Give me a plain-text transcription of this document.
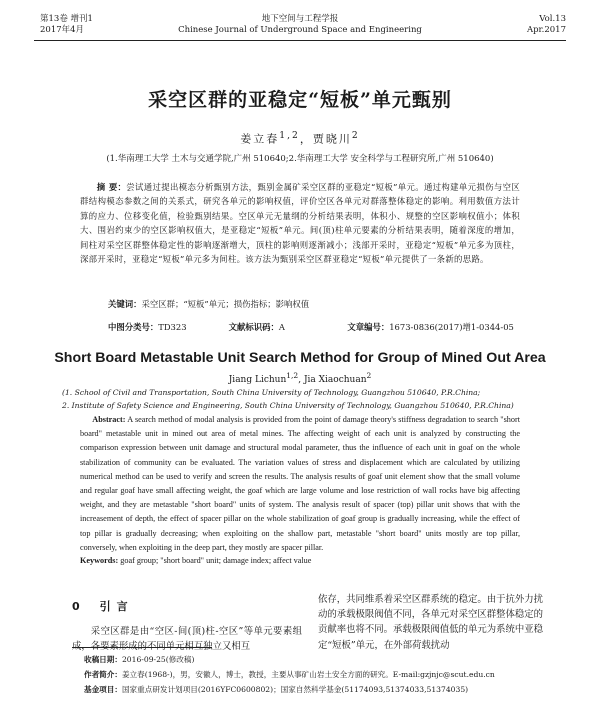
第13卷 增刊1
2017年4月
地下空间与工程学报
Chinese Journal of Underground Space and Engineering
Vol.13
Apr.2017
采空区群的亚稳定“短板”单元甄别
姜立春$^{1,2}$，贾晓川$^2$
(1.华南理工大学 土木与交通学院,广州 510640;2.华南理工大学 安全科学与工程研究所,广州 510640)
摘 要：尝试通过提出模态分析甄别方法，甄别金属矿采空区群的亚稳定“短板”单元。通过构建单元损伤与空区群结构模态参数之间的关系式，研究各单元的影响权值，评价空区各单元对群落整体稳定的影响。利用数值方法计算的应力、位移变化值，检验甄别结果。空区单元无量纲的分析结果表明，体积小、规整的空区影响权值小；体积大、围岩约束少的空区影响权值大，是亚稳定“短板”单元。间(顶)柱单元要素的分析结果表明，随着深度的增加，间柱对采空区群整体稳定性的影响逐渐增大，顶柱的影响则逐渐减小；浅部开采时，亚稳定“短板”单元多为顶柱，深部开采时，亚稳定“短板”单元多为间柱。该方法为甄别采空区群亚稳定“短板”单元提供了一条新的思路。
关键词：采空区群；“短板”单元；损伤指标；影响权值
中图分类号：TD323	文献标识码：A	文章编号：1673-0836(2017)增1-0344-05
Short Board Metastable Unit Search Method for Group of Mined Out Area
Jiang Lichun$^{1,2}$, Jia Xiaochuan$^2$
(1. School of Civil and Transportation, South China University of Technology, Guangzhou 510640, P.R.China;
2. Institute of Safety Science and Engineering, South China University of Technology, Guangzhou 510640, P.R.China)
Abstract: A search method of modal analysis is provided from the point of damage theory's stiffness degradation to search "short board" metastable unit in mined out area of metal mines. The affecting weight of each unit is analyzed by constructing the comparison expression between unit damage and structural modal parameter, thus the influence of each unit in goaf on the whole stabilization of community can be evaluated. The variation values of stress and displacement which are calculated by utilizing numerical method can be used to verify and screen the results. The analysis results of goaf unit element show that the small volume and regular goaf have small affecting weight, the goaf which are large volume and lose restriction of wall rocks have big affecting weight, and they are metastable "short board" units of system. The analysis result of spacer (top) pillar unit shows that with the increasement of depth, the effect of spacer pillar on the whole stabilization of goaf group is gradually increasing, while the effect of top pillar is gradually decreasing; when exploiting on the shallow part, metastable "short board" units mostly are top pillar, conversely, when exploiting in the deep part, they mostly are spacer pillar.
Keywords: goaf group; "short board" unit; damage index; affect value
0 引言
采空区群是由“空区-间(顶)柱-空区”等单元要素组成，各要素形成的不同单元相互独立又相互
依存，共同维系着采空区群系统的稳定。由于抗外力扰动的承载极限阀值不同，各单元对采空区群整体稳定的贡献率也将不同。承载极限阀值低的单元为系统中亚稳定“短板”单元，在外部荷载扰动
收稿日期：2016-09-25(修改稿)
作者简介：姜立春(1968-)，男，安徽人，博士，教授，主要从事矿山岩土安全方面的研究。E-mail:gzjnjc@scut.edu.cn
基金项目：国家重点研发计划项目(2016YFC0600802)；国家自然科学基金(51174093,51374033,51374035)
